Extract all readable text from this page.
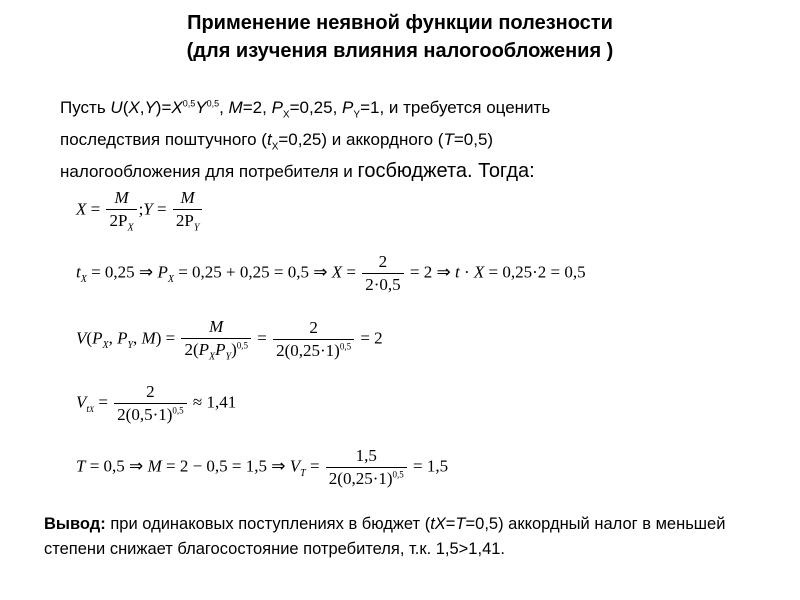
Применение неявной функции полезности
(для изучения влияния налогообложения )
Пусть $U(X,Y)=X^{0,5}Y^{0,5}$, M=2, $P_X=0,25$, $P_Y=1$, и требуется оценить
последствия поштучного $(t_X=0,25)$ и аккордного (T=0,5)
налогообложения для потребителя и госбюджета. Тогда:
$X = \frac{M}{2P_X}$ ;Y = $\frac{M}{2P_Y}$
$t_X = 0,25$ ⇒ $P_X = 0,25 + 0,25 = 0,5$ ⇒ $X = \frac{2}{2\cdot 0,5} = 2$ ⇒ t · X = 0,25·2 = 0,5
$V(P_X$, $P_Y$, $M) = \frac{M}{2(P_XP_Y)^{0,5}} = \frac{2}{2(0,25\cdot 1)^{0,5}} = 2$
$V_{tX} = \frac{2}{2(0,5\cdot 1)^{0,5}} \approx 1,41$
T = 0,5 ⇒ M = 2 − 0,5 = 1,5 ⇒ $V_T = \frac{1,5}{2(0,25\cdot 1)^{0,5}} = 1,5$
Вывод: при одинаковых поступлениях в бюджет (tX=T=0,5) аккордный налог в меньшей степени снижает благосостояние потребителя, т.к. 1,5>1,41.
